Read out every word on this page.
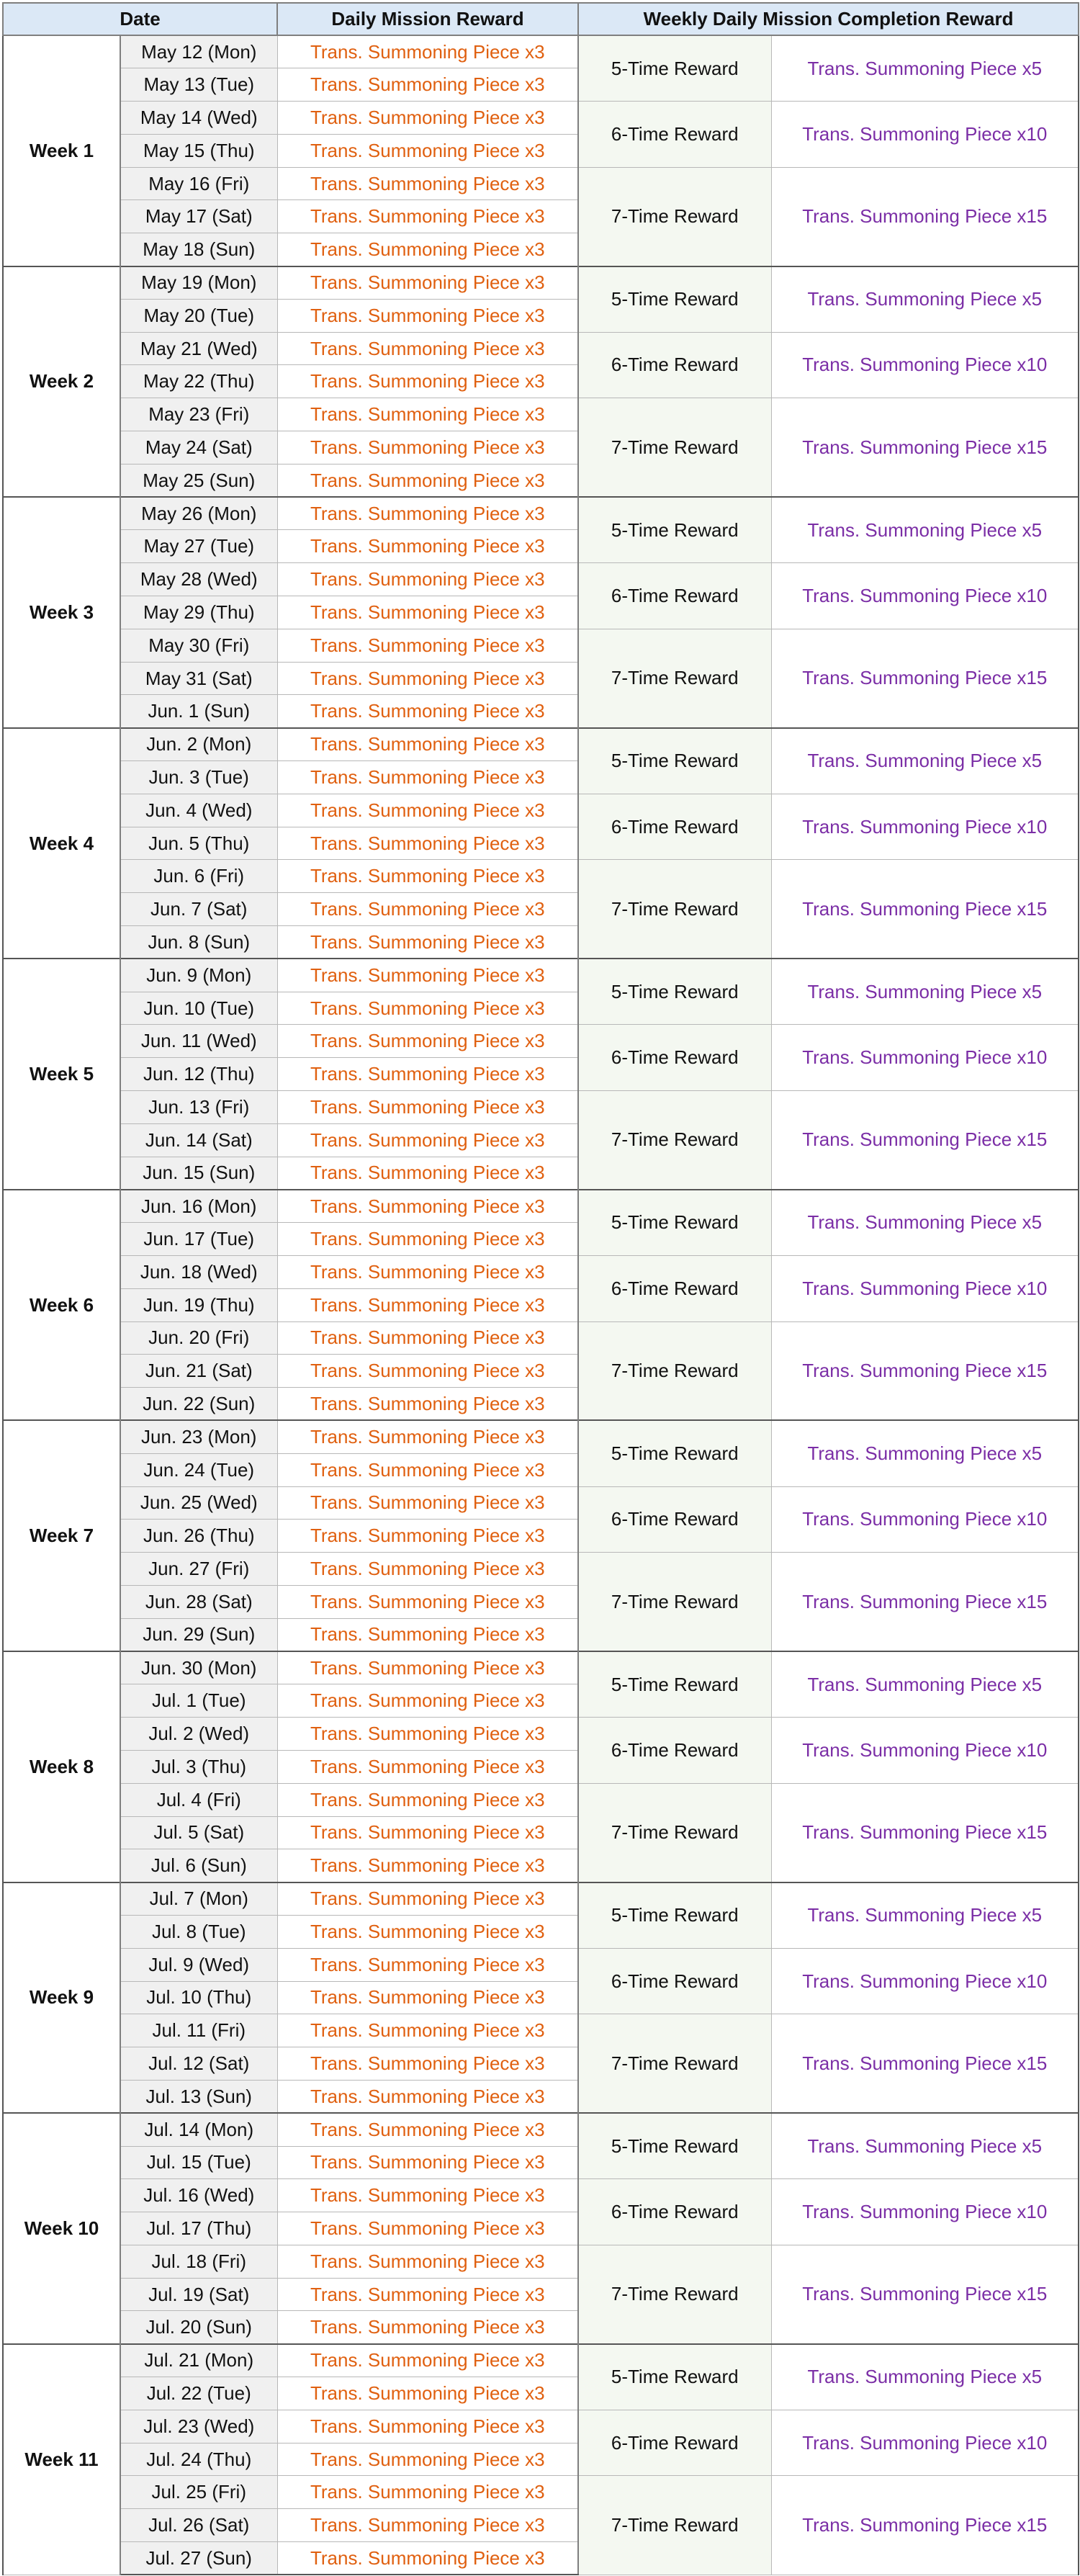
Date		Daily Mission Reward	Weekly Daily Mission Completion Reward	
Week 1	May 12 (Mon)	Trans. Summoning Piece x3	5-Time Reward	Trans. Summoning Piece x5
	May 13 (Tue)	Trans. Summoning Piece x3		
	May 14 (Wed)	Trans. Summoning Piece x3	6-Time Reward	Trans. Summoning Piece x10
	May 15 (Thu)	Trans. Summoning Piece x3		
	May 16 (Fri)	Trans. Summoning Piece x3	7-Time Reward	Trans. Summoning Piece x15
	May 17 (Sat)	Trans. Summoning Piece x3		
	May 18 (Sun)	Trans. Summoning Piece x3		
Week 2	May 19 (Mon)	Trans. Summoning Piece x3	5-Time Reward	Trans. Summoning Piece x5
	May 20 (Tue)	Trans. Summoning Piece x3		
	May 21 (Wed)	Trans. Summoning Piece x3	6-Time Reward	Trans. Summoning Piece x10
	May 22 (Thu)	Trans. Summoning Piece x3		
	May 23 (Fri)	Trans. Summoning Piece x3	7-Time Reward	Trans. Summoning Piece x15
	May 24 (Sat)	Trans. Summoning Piece x3		
	May 25 (Sun)	Trans. Summoning Piece x3		
Week 3	May 26 (Mon)	Trans. Summoning Piece x3	5-Time Reward	Trans. Summoning Piece x5
	May 27 (Tue)	Trans. Summoning Piece x3		
	May 28 (Wed)	Trans. Summoning Piece x3	6-Time Reward	Trans. Summoning Piece x10
	May 29 (Thu)	Trans. Summoning Piece x3		
	May 30 (Fri)	Trans. Summoning Piece x3	7-Time Reward	Trans. Summoning Piece x15
	May 31 (Sat)	Trans. Summoning Piece x3		
	Jun. 1 (Sun)	Trans. Summoning Piece x3		
Week 4	Jun. 2 (Mon)	Trans. Summoning Piece x3	5-Time Reward	Trans. Summoning Piece x5
	Jun. 3 (Tue)	Trans. Summoning Piece x3		
	Jun. 4 (Wed)	Trans. Summoning Piece x3	6-Time Reward	Trans. Summoning Piece x10
	Jun. 5 (Thu)	Trans. Summoning Piece x3		
	Jun. 6 (Fri)	Trans. Summoning Piece x3	7-Time Reward	Trans. Summoning Piece x15
	Jun. 7 (Sat)	Trans. Summoning Piece x3		
	Jun. 8 (Sun)	Trans. Summoning Piece x3		
Week 5	Jun. 9 (Mon)	Trans. Summoning Piece x3	5-Time Reward	Trans. Summoning Piece x5
	Jun. 10 (Tue)	Trans. Summoning Piece x3		
	Jun. 11 (Wed)	Trans. Summoning Piece x3	6-Time Reward	Trans. Summoning Piece x10
	Jun. 12 (Thu)	Trans. Summoning Piece x3		
	Jun. 13 (Fri)	Trans. Summoning Piece x3	7-Time Reward	Trans. Summoning Piece x15
	Jun. 14 (Sat)	Trans. Summoning Piece x3		
	Jun. 15 (Sun)	Trans. Summoning Piece x3		
Week 6	Jun. 16 (Mon)	Trans. Summoning Piece x3	5-Time Reward	Trans. Summoning Piece x5
	Jun. 17 (Tue)	Trans. Summoning Piece x3		
	Jun. 18 (Wed)	Trans. Summoning Piece x3	6-Time Reward	Trans. Summoning Piece x10
	Jun. 19 (Thu)	Trans. Summoning Piece x3		
	Jun. 20 (Fri)	Trans. Summoning Piece x3	7-Time Reward	Trans. Summoning Piece x15
	Jun. 21 (Sat)	Trans. Summoning Piece x3		
	Jun. 22 (Sun)	Trans. Summoning Piece x3		
Week 7	Jun. 23 (Mon)	Trans. Summoning Piece x3	5-Time Reward	Trans. Summoning Piece x5
	Jun. 24 (Tue)	Trans. Summoning Piece x3		
	Jun. 25 (Wed)	Trans. Summoning Piece x3	6-Time Reward	Trans. Summoning Piece x10
	Jun. 26 (Thu)	Trans. Summoning Piece x3		
	Jun. 27 (Fri)	Trans. Summoning Piece x3	7-Time Reward	Trans. Summoning Piece x15
	Jun. 28 (Sat)	Trans. Summoning Piece x3		
	Jun. 29 (Sun)	Trans. Summoning Piece x3		
Week 8	Jun. 30 (Mon)	Trans. Summoning Piece x3	5-Time Reward	Trans. Summoning Piece x5
	Jul. 1 (Tue)	Trans. Summoning Piece x3		
	Jul. 2 (Wed)	Trans. Summoning Piece x3	6-Time Reward	Trans. Summoning Piece x10
	Jul. 3 (Thu)	Trans. Summoning Piece x3		
	Jul. 4 (Fri)	Trans. Summoning Piece x3	7-Time Reward	Trans. Summoning Piece x15
	Jul. 5 (Sat)	Trans. Summoning Piece x3		
	Jul. 6 (Sun)	Trans. Summoning Piece x3		
Week 9	Jul. 7 (Mon)	Trans. Summoning Piece x3	5-Time Reward	Trans. Summoning Piece x5
	Jul. 8 (Tue)	Trans. Summoning Piece x3		
	Jul. 9 (Wed)	Trans. Summoning Piece x3	6-Time Reward	Trans. Summoning Piece x10
	Jul. 10 (Thu)	Trans. Summoning Piece x3		
	Jul. 11 (Fri)	Trans. Summoning Piece x3	7-Time Reward	Trans. Summoning Piece x15
	Jul. 12 (Sat)	Trans. Summoning Piece x3		
	Jul. 13 (Sun)	Trans. Summoning Piece x3		
Week 10	Jul. 14 (Mon)	Trans. Summoning Piece x3	5-Time Reward	Trans. Summoning Piece x5
	Jul. 15 (Tue)	Trans. Summoning Piece x3		
	Jul. 16 (Wed)	Trans. Summoning Piece x3	6-Time Reward	Trans. Summoning Piece x10
	Jul. 17 (Thu)	Trans. Summoning Piece x3		
	Jul. 18 (Fri)	Trans. Summoning Piece x3	7-Time Reward	Trans. Summoning Piece x15
	Jul. 19 (Sat)	Trans. Summoning Piece x3		
	Jul. 20 (Sun)	Trans. Summoning Piece x3		
Week 11	Jul. 21 (Mon)	Trans. Summoning Piece x3	5-Time Reward	Trans. Summoning Piece x5
	Jul. 22 (Tue)	Trans. Summoning Piece x3		
	Jul. 23 (Wed)	Trans. Summoning Piece x3	6-Time Reward	Trans. Summoning Piece x10
	Jul. 24 (Thu)	Trans. Summoning Piece x3		
	Jul. 25 (Fri)	Trans. Summoning Piece x3	7-Time Reward	Trans. Summoning Piece x15
	Jul. 26 (Sat)	Trans. Summoning Piece x3		
	Jul. 27 (Sun)	Trans. Summoning Piece x3		
